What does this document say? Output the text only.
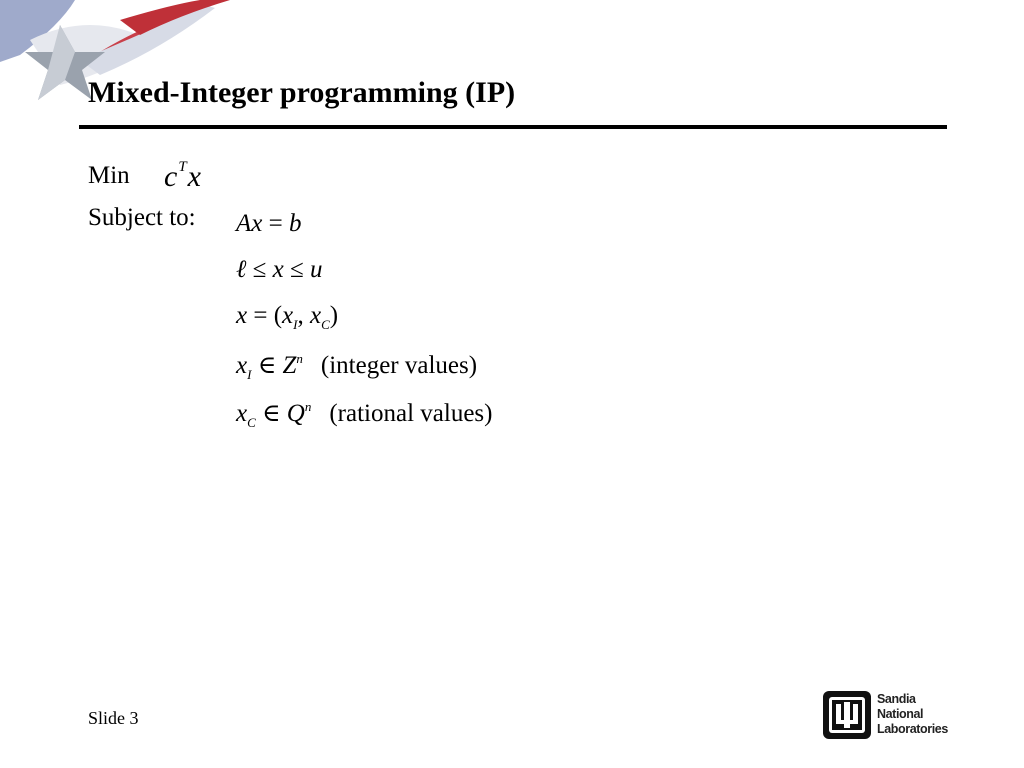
Mixed-Integer programming (IP)
Min $c^Tx$
Subject to: Ax = b
ℓ ≤ x ≤ u
$x = (x_I$, $x_C$)
$x_I$ ∈ $Z^n$ (integer values)
$x_C$ ∈ $Q^n$ (rational values)
Slide 3
Sandia
National
Laboratories
